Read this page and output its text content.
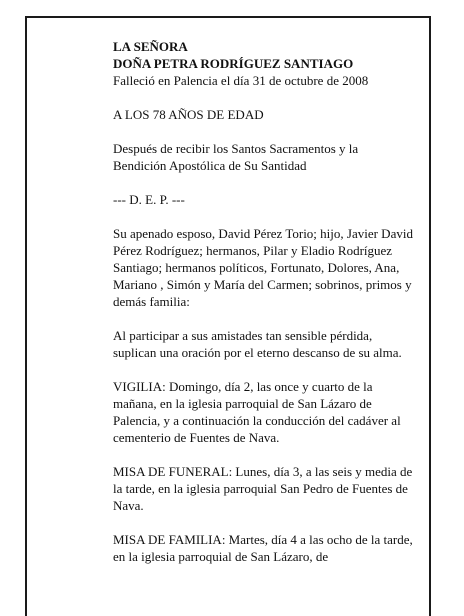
LA SEÑORA

DOÑA PETRA RODRÍGUEZ SANTIAGO

Falleció en Palencia el día 31 de octubre de 2008

A LOS 78 AÑOS DE EDAD

Después de recibir los Santos Sacramentos y la Bendición Apostólica de Su Santidad

--- D. E. P. ---

Su apenado esposo, David Pérez Torio; hijo, Javier David Pérez Rodríguez; hermanos, Pilar y Eladio Rodríguez Santiago; hermanos políticos, Fortunato, Dolores, Ana, Mariano , Simón y María del Carmen; sobrinos, primos y demás familia:

Al participar a sus amistades tan sensible pérdida, suplican una oración por el eterno descanso de su alma.

VIGILIA: Domingo, día 2, las once y cuarto de la mañana, en la iglesia parroquial de San Lázaro de Palencia, y a continuación la conducción del cadáver al cementerio de Fuentes de Nava.

MISA DE FUNERAL: Lunes, día 3, a las seis y media de la tarde, en la iglesia parroquial San Pedro de Fuentes de Nava.

MISA DE FAMILIA: Martes, día 4 a las ocho de la tarde, en la iglesia parroquial de San Lázaro, de
